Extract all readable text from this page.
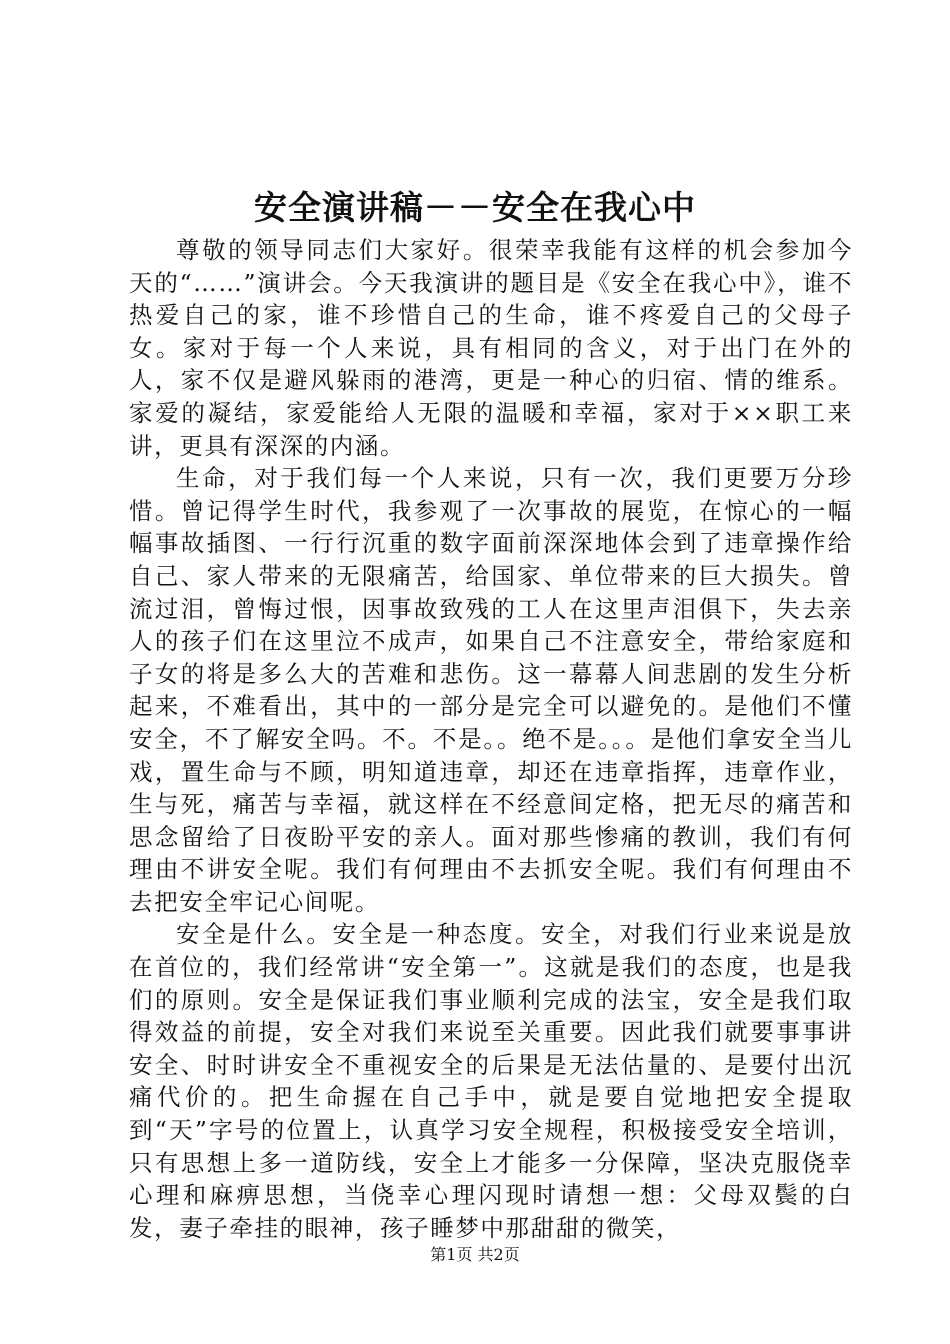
安全演讲稿－－安全在我心中

尊敬的领导同志们大家好。很荣幸我能有这样的机会参加今天的“……”演讲会。今天我演讲的题目是《安全在我心中》，谁不热爱自己的家，谁不珍惜自己的生命，谁不疼爱自己的父母子女。家对于每一个人来说，具有相同的含义，对于出门在外的人，家不仅是避风躲雨的港湾，更是一种心的归宿、情的维系。家爱的凝结，家爱能给人无限的温暖和幸福，家对于××职工来讲，更具有深深的内涵。

生命，对于我们每一个人来说，只有一次，我们更要万分珍惜。曾记得学生时代，我参观了一次事故的展览，在惊心的一幅幅事故插图、一行行沉重的数字面前深深地体会到了违章操作给自己、家人带来的无限痛苦，给国家、单位带来的巨大损失。曾流过泪，曾悔过恨，因事故致残的工人在这里声泪俱下，失去亲人的孩子们在这里泣不成声，如果自己不注意安全，带给家庭和子女的将是多么大的苦难和悲伤。这一幕幕人间悲剧的发生分析起来，不难看出，其中的一部分是完全可以避免的。是他们不懂安全，不了解安全吗。不。不是。。绝不是。。。是他们拿安全当儿戏，置生命与不顾，明知道违章，却还在违章指挥，违章作业，生与死，痛苦与幸福，就这样在不经意间定格，把无尽的痛苦和思念留给了日夜盼平安的亲人。面对那些惨痛的教训，我们有何理由不讲安全呢。我们有何理由不去抓安全呢。我们有何理由不去把安全牢记心间呢。

安全是什么。安全是一种态度。安全，对我们行业来说是放在首位的，我们经常讲“安全第一”。这就是我们的态度，也是我们的原则。安全是保证我们事业顺利完成的法宝，安全是我们取得效益的前提，安全对我们来说至关重要。因此我们就要事事讲安全、时时讲安全不重视安全的后果是无法估量的、是要付出沉痛代价的。把生命握在自己手中，就是要自觉地把安全提取到“天”字号的位置上，认真学习安全规程，积极接受安全培训，只有思想上多一道防线，安全上才能多一分保障，坚决克服侥幸心理和麻痹思想，当侥幸心理闪现时请想一想：父母双鬓的白发，妻子牵挂的眼神，孩子睡梦中那甜甜的微笑，

第1页 共2页
